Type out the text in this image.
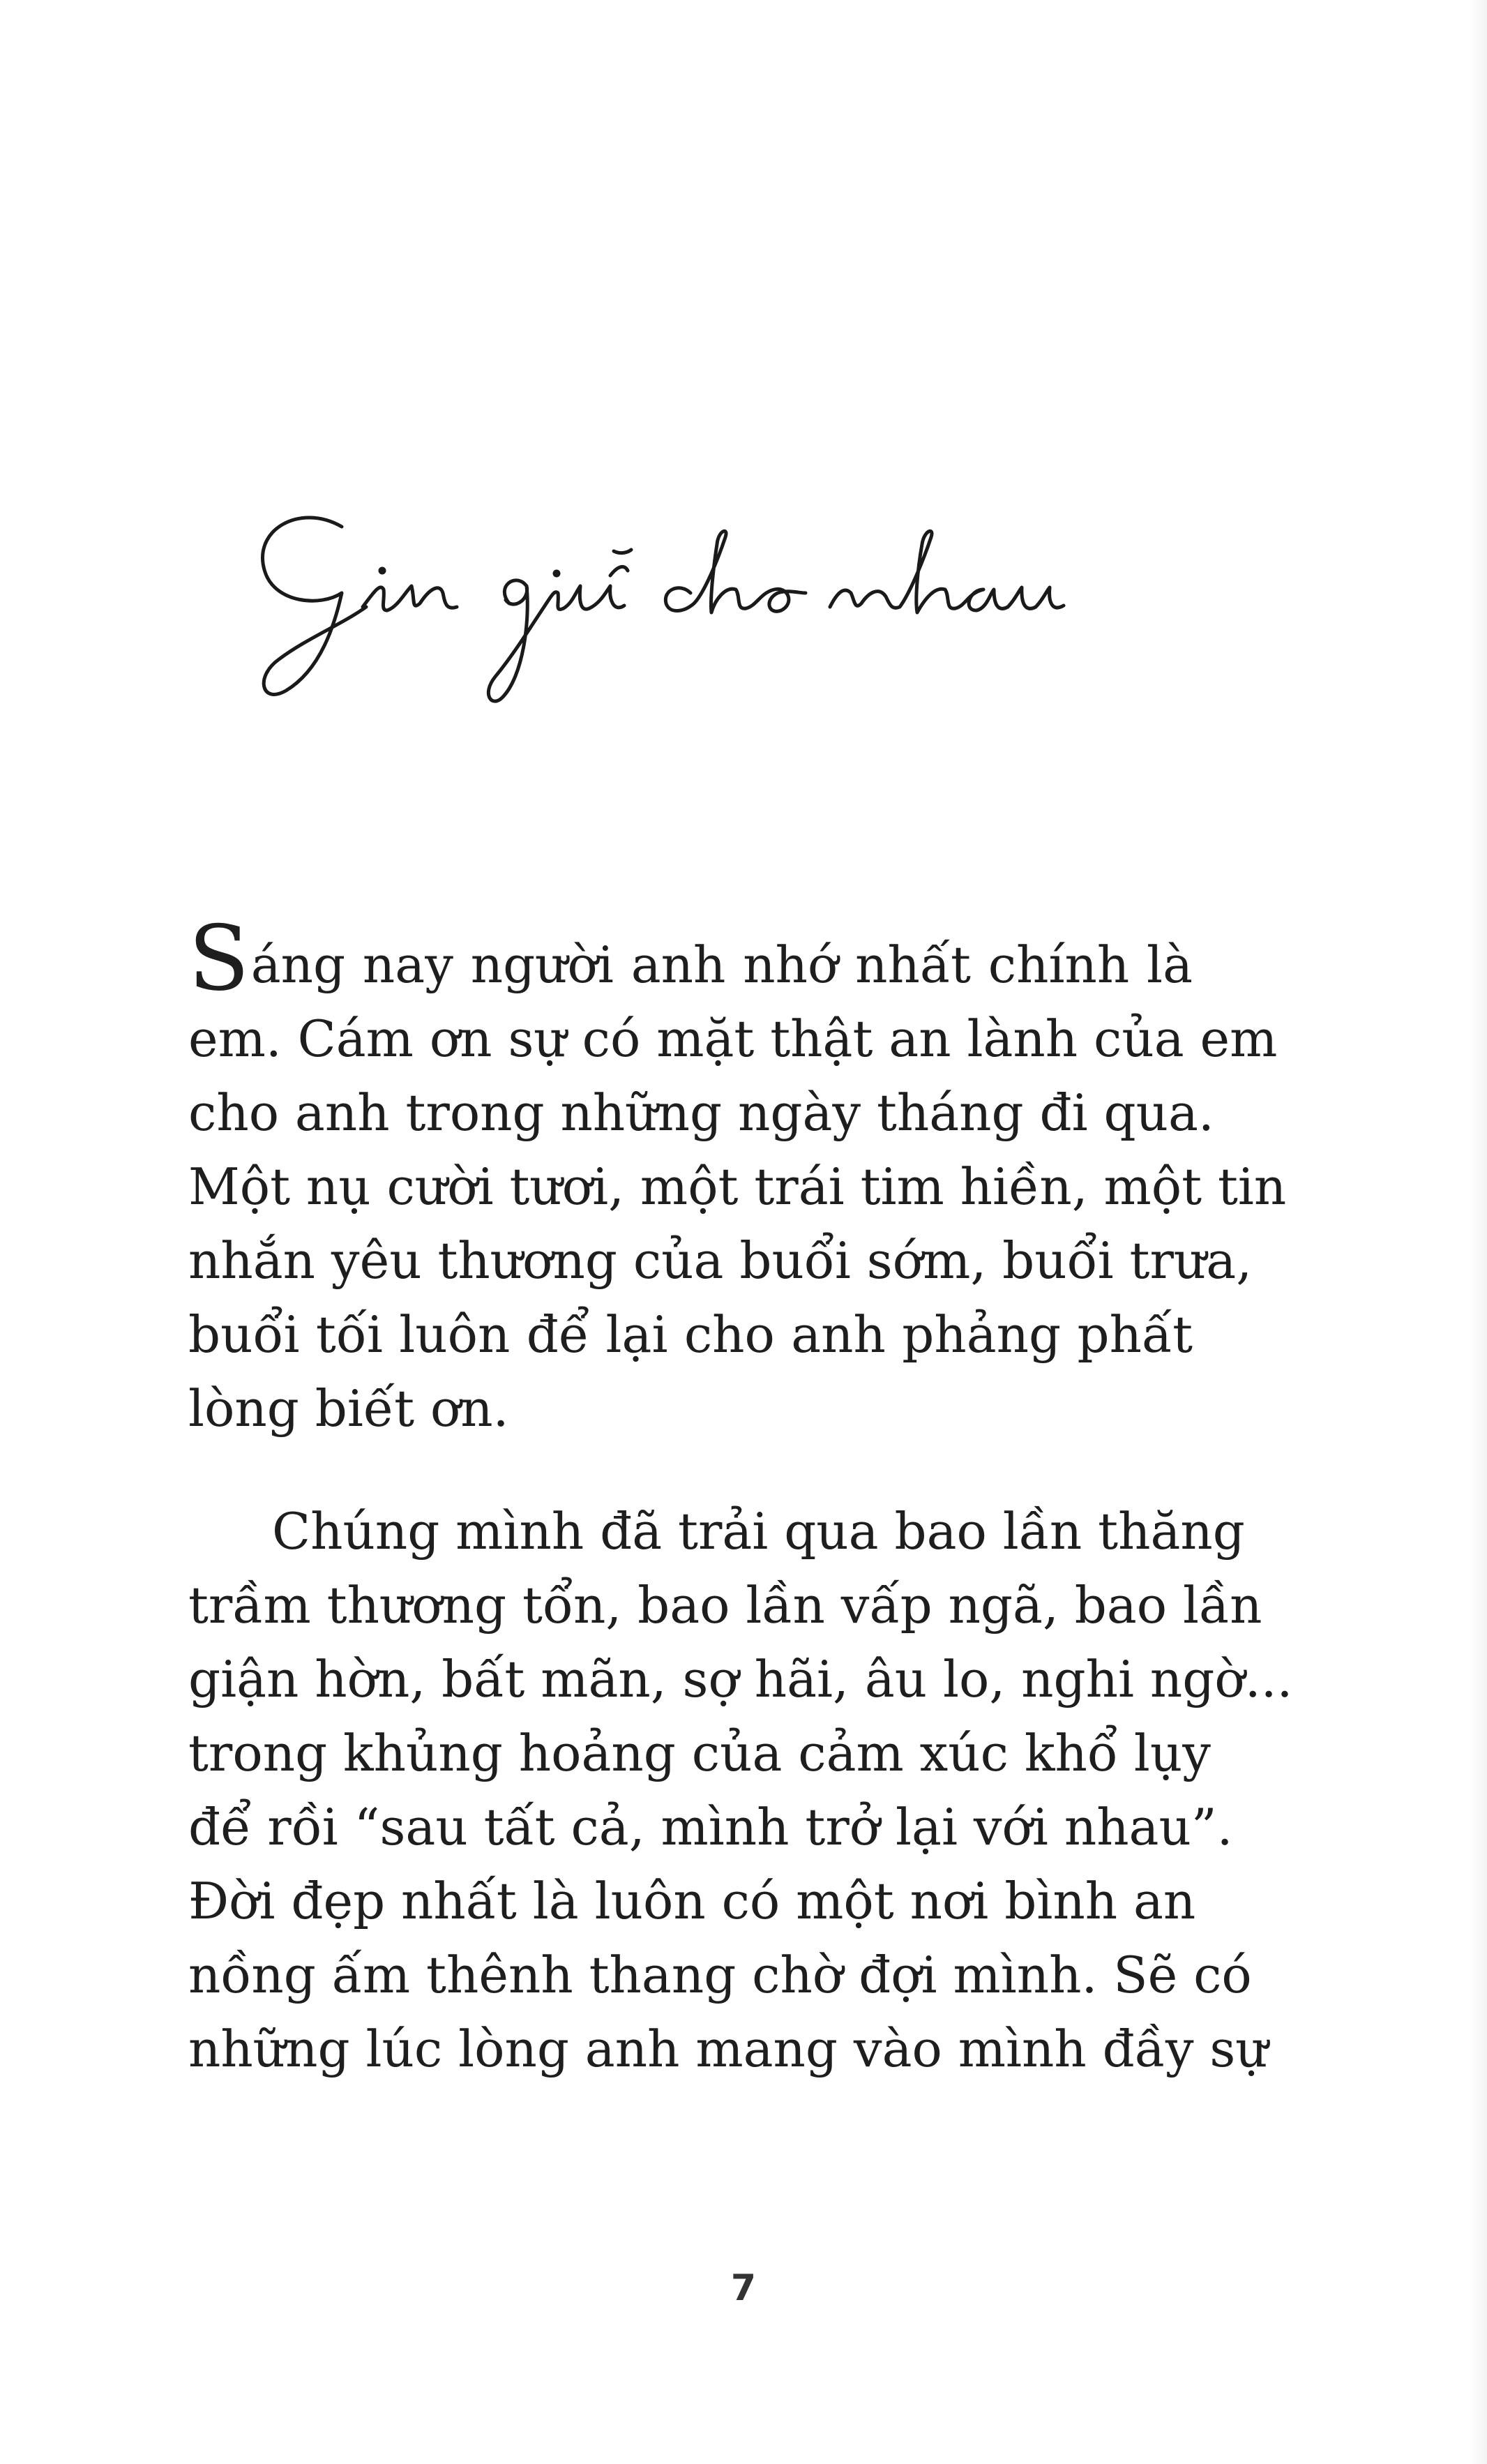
Sáng nay người anh nhớ nhất chính là
em. Cám ơn sự có mặt thật an lành của em
cho anh trong những ngày tháng đi qua.
Một nụ cười tươi, một trái tim hiền, một tin
nhắn yêu thương của buổi sớm, buổi trưa,
buổi tối luôn để lại cho anh phảng phất
lòng biết ơn.
Chúng mình đã trải qua bao lần thăng
trầm thương tổn, bao lần vấp ngã, bao lần
giận hờn, bất mãn, sợ hãi, âu lo, nghi ngờ...
trong khủng hoảng của cảm xúc khổ lụy
để rồi “sau tất cả, mình trở lại với nhau”.
Đời đẹp nhất là luôn có một nơi bình an
nồng ấm thênh thang chờ đợi mình. Sẽ có
những lúc lòng anh mang vào mình đầy sự
7
